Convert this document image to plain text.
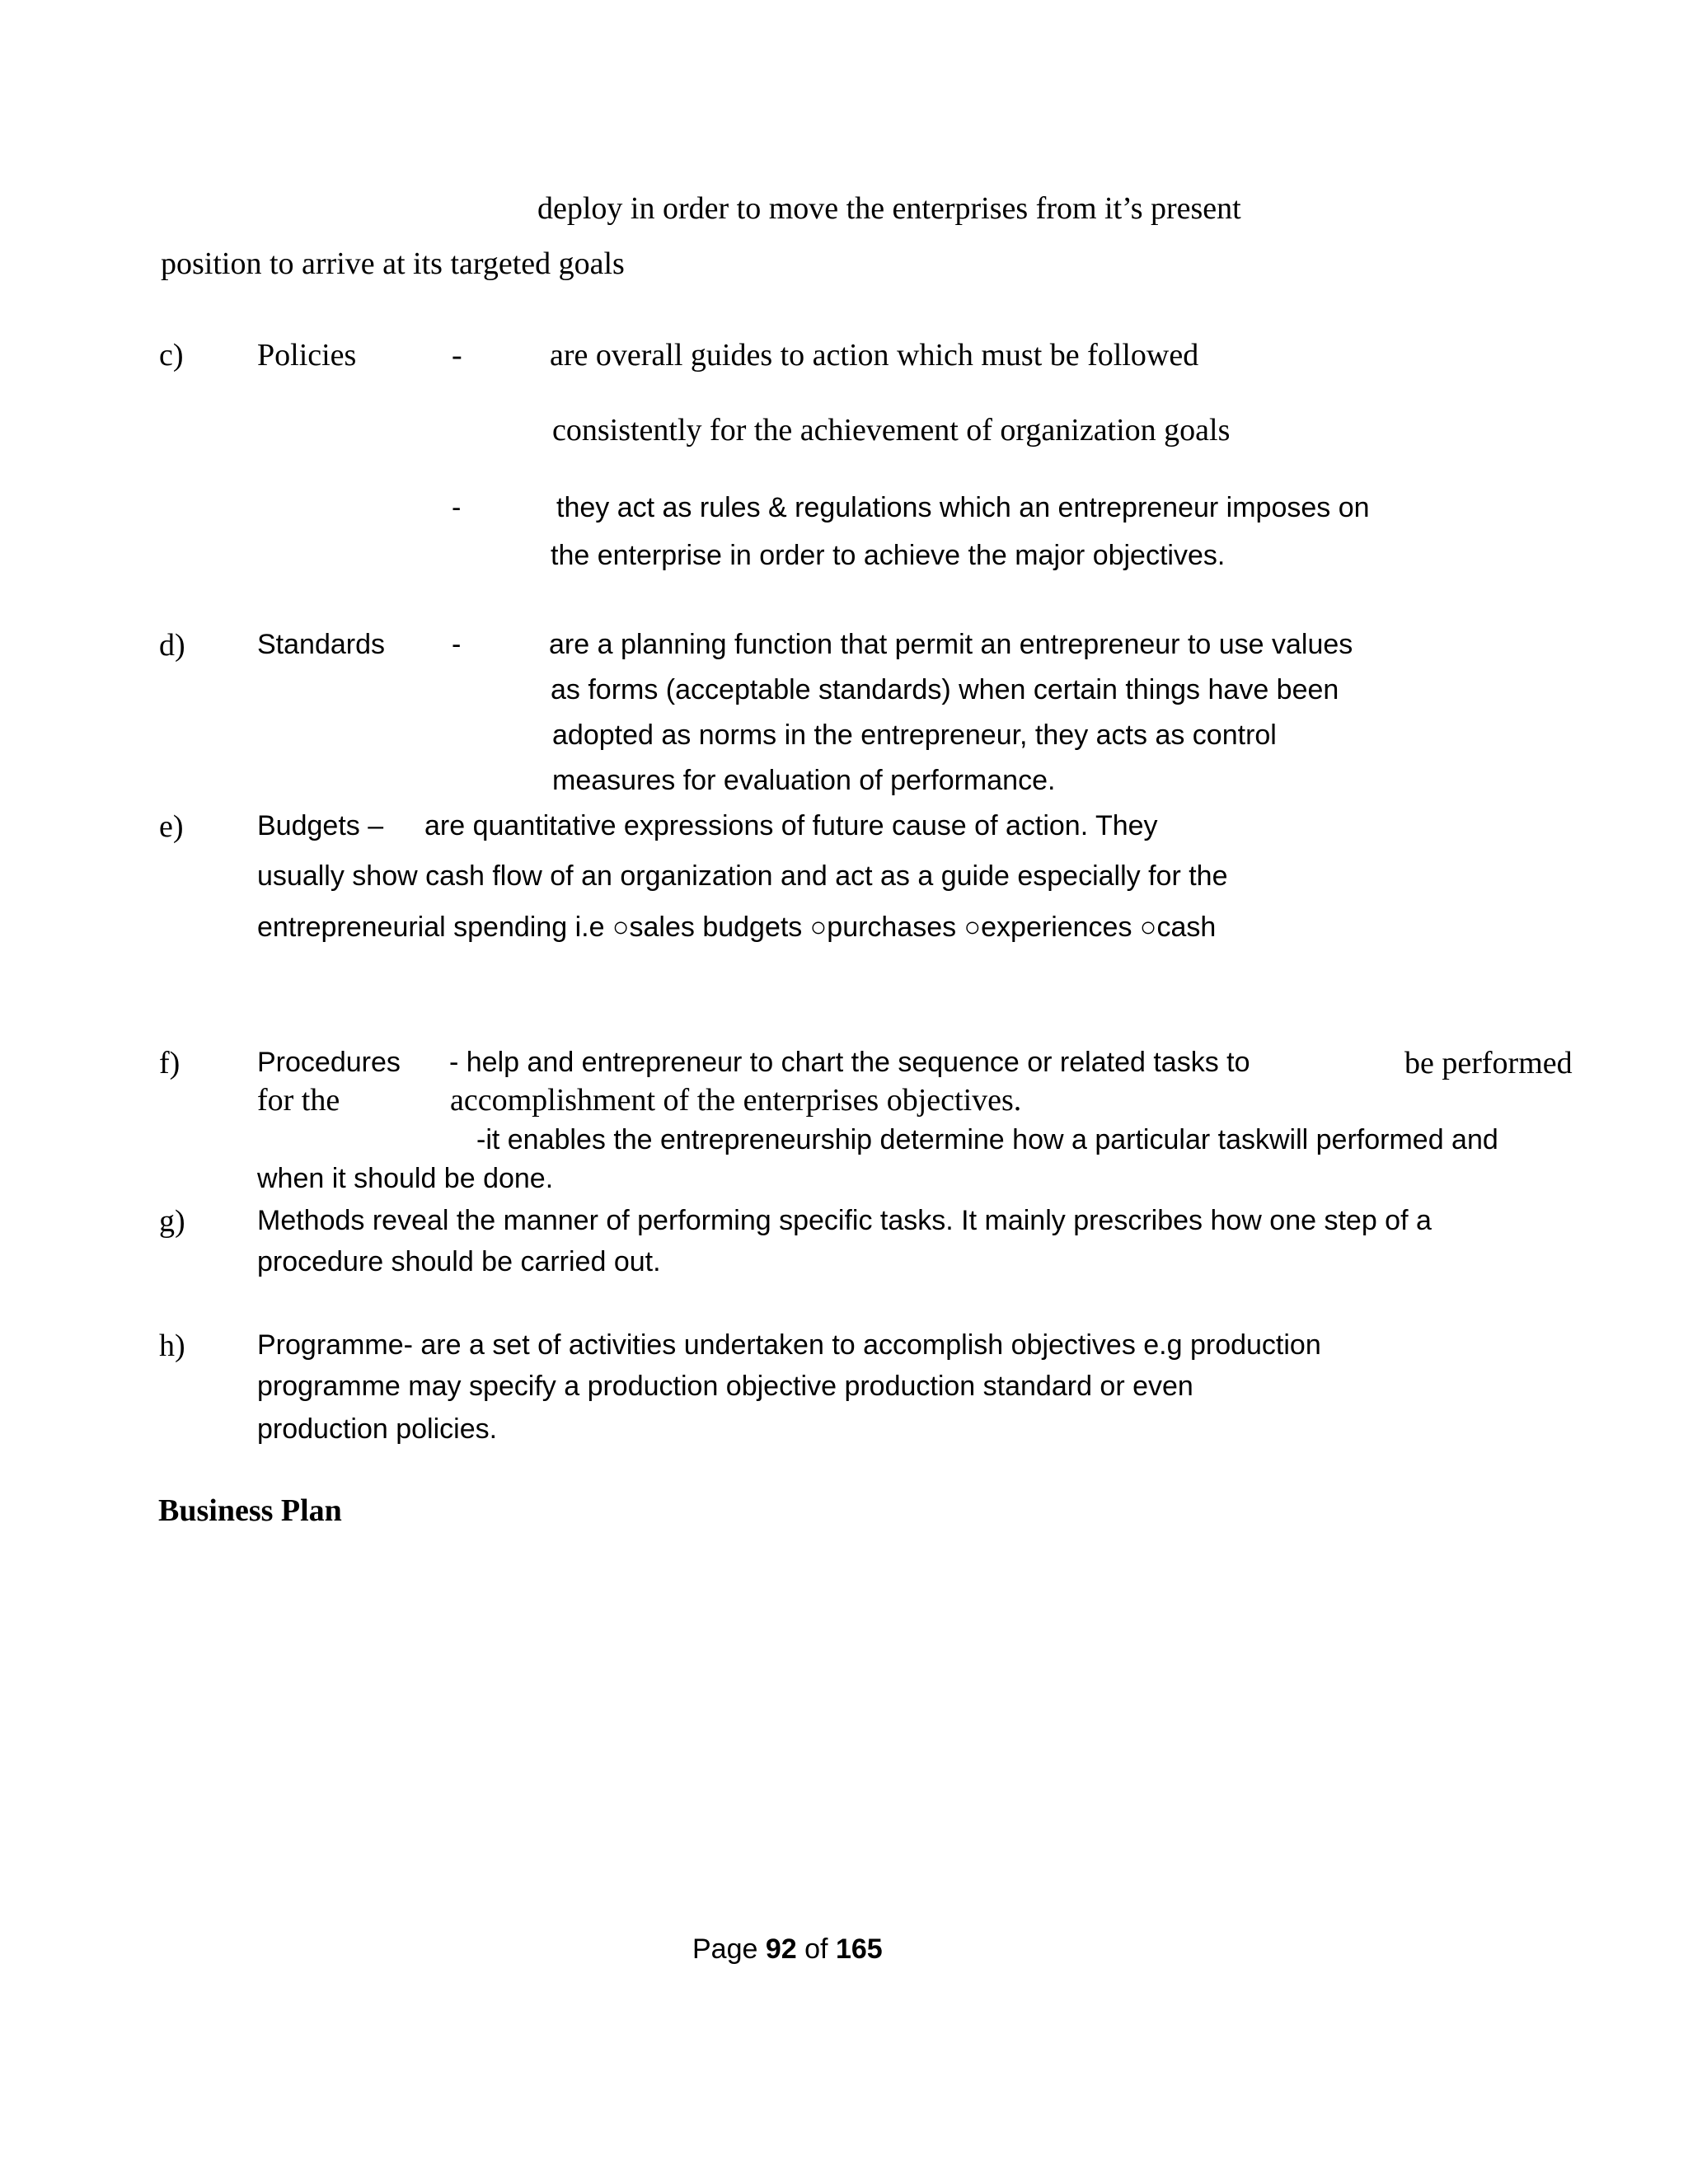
deploy in order to move the enterprises from it’s present
position to arrive at its targeted goals
c) Policies	-	are overall guides to action which must be followed
consistently for the achievement of organization goals
-	they act as rules & regulations which an entrepreneur imposes on
the enterprise in order to achieve the major objectives.
d)	Standards -	are a planning function that permit an entrepreneur to use values
as forms (acceptable standards) when certain things have been
adopted as norms in the entrepreneur, they acts as control
measures for evaluation of performance.
e)	Budgets – are quantitative expressions of future cause of action. They
usually show cash flow of an organization and act as a guide especially for the
entrepreneurial spending i.e ○sales budgets ○purchases ○experiences ○cash
f)	Procedures - help and entrepreneur to chart the sequence or related tasks to	be performed
for the	accomplishment of the enterprises objectives.
-it enables the entrepreneurship determine how a particular taskwill performed and
when it should be done.
g)	Methods reveal the manner of performing specific tasks. It mainly prescribes how one step of a
procedure should be carried out.
h)	Programme- are a set of activities undertaken to accomplish objectives e.g production
programme may specify a production objective production standard or even
production policies.
Business Plan
Page 92 of 165
